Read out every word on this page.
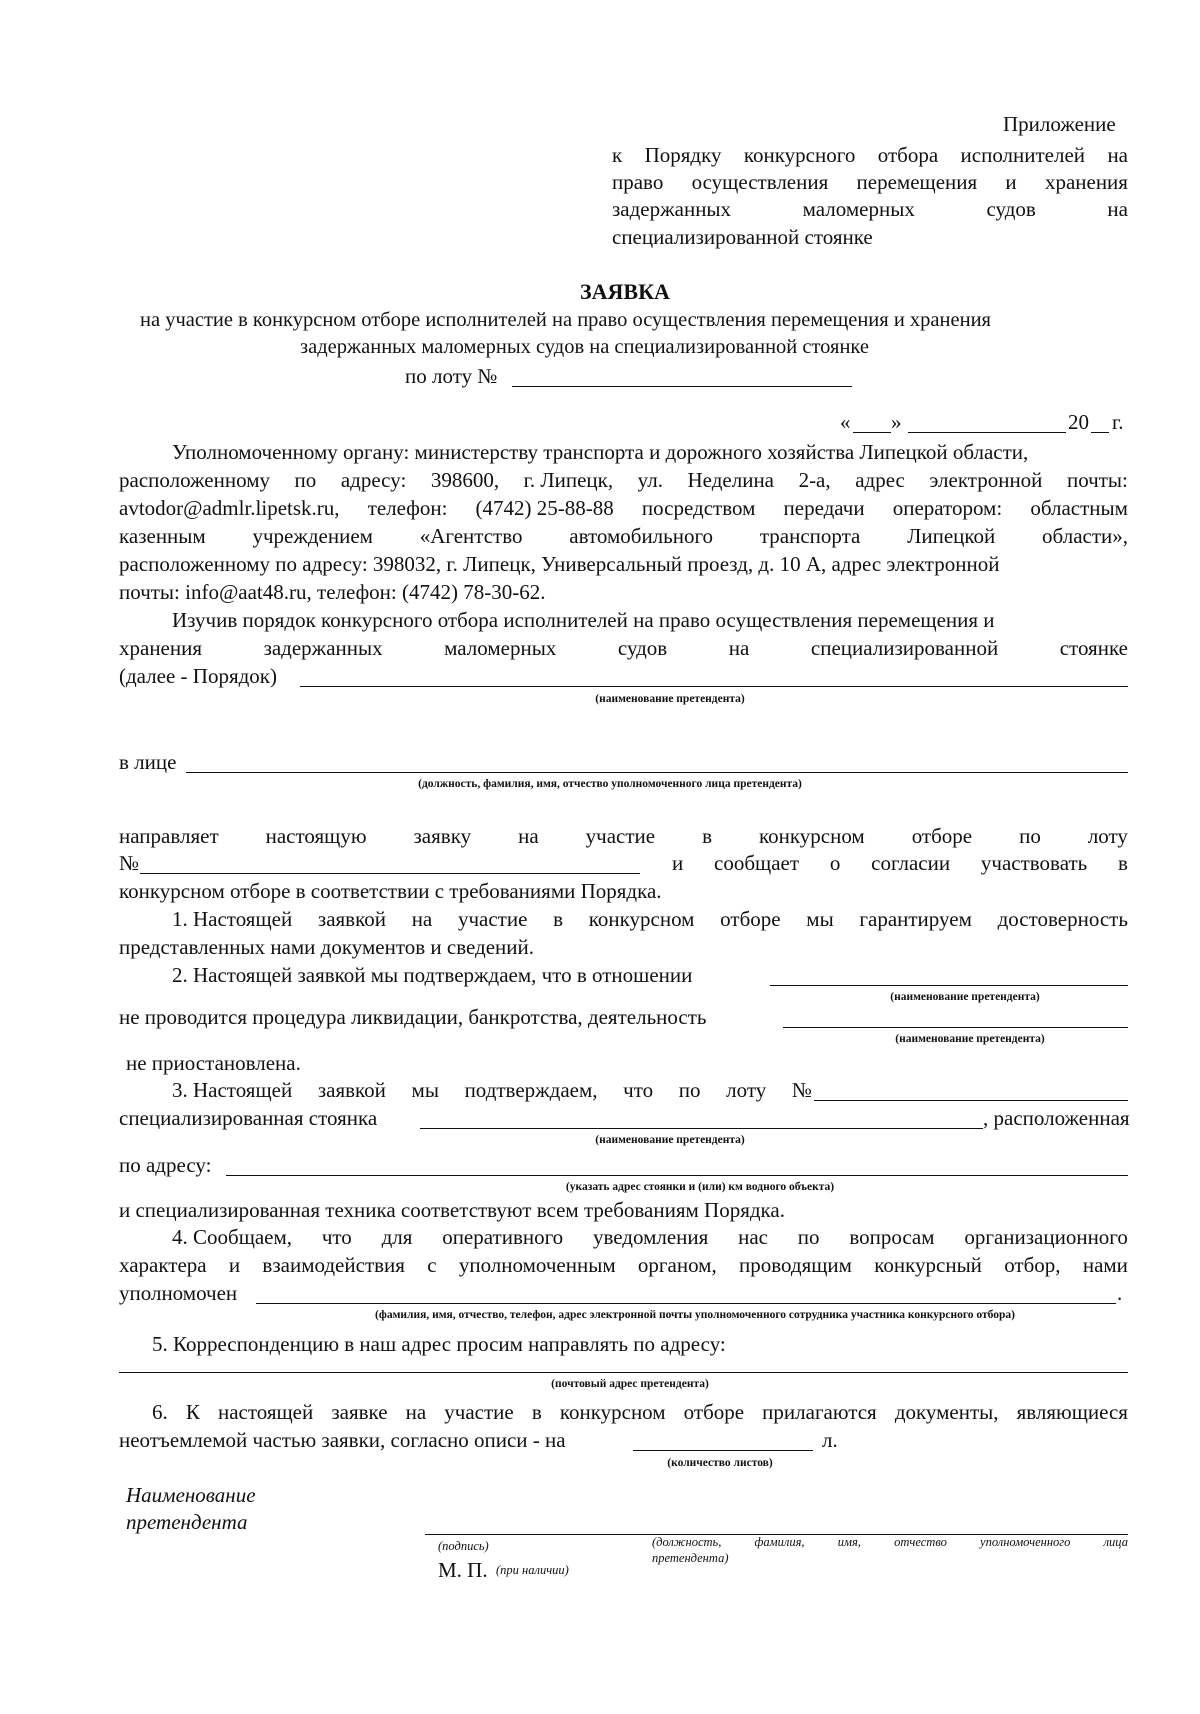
Приложение
к Порядку конкурсного отбора исполнителей на
право осуществления перемещения и хранения
задержанных	маломерных	судов	на
специализированной стоянке
ЗАЯВКА
на участие в конкурсном отборе исполнителей на право осуществления перемещения и хранения
задержанных маломерных судов на специализированной стоянке
по лоту №
« »	20 г.
Уполномоченному органу: министерству транспорта и дорожного хозяйства Липецкой области,
расположенному по адресу: 398600, г. Липецк, ул. Неделина 2-а, адрес электронной почты:
avtodor@admlr.lipetsk.ru, телефон: (4742) 25-88-88 посредством передачи оператором: областным
казенным учреждением «Агентство автомобильного транспорта Липецкой области»,
расположенному по адресу: 398032, г. Липецк, Универсальный проезд, д. 10 А, адрес электронной
почты: info@aat48.ru, телефон: (4742) 78-30-62.
Изучив порядок конкурсного отбора исполнителей на право осуществления перемещения и
хранения	задержанных	маломерных	судов	на	специализированной	стоянке
(далее - Порядок)
(наименование претендента)
в лице
(должность, фамилия, имя, отчество уполномоченного лица претендента)
направляет настоящую заявку на участие в конкурсном отборе по лоту
№	и сообщает о согласии участвовать в
конкурсном отборе в соответствии с требованиями Порядка.
1. Настоящей заявкой на участие в конкурсном отборе мы гарантируем достоверность
представленных нами документов и сведений.
2. Настоящей заявкой мы подтверждаем, что в отношении
(наименование претендента)
не проводится процедура ликвидации, банкротства, деятельность
(наименование претендента)
не приостановлена.
3. Настоящей заявкой мы подтверждаем, что по лоту №
специализированная стоянка	, расположенная
(наименование претендента)
по адресу:
(указать адрес стоянки и (или) км водного объекта)
и специализированная техника соответствуют всем требованиям Порядка.
4. Сообщаем, что для оперативного уведомления нас по вопросам организационного
характера и взаимодействия с уполномоченным органом, проводящим конкурсный отбор, нами
уполномочен	.
(фамилия, имя, отчество, телефон, адрес электронной почты уполномоченного сотрудника участника конкурсного отбора)
5. Корреспонденцию в наш адрес просим направлять по адресу:
(почтовый адрес претендента)
6. К настоящей заявке на участие в конкурсном отборе прилагаются документы, являющиеся
неотъемлемой частью заявки, согласно описи - на	л.
(количество листов)
Наименование
претендента
(подпись)	(должность,	фамилия,	имя,	отчество	уполномоченного	лица
претендента)
М. П. (при наличии)
